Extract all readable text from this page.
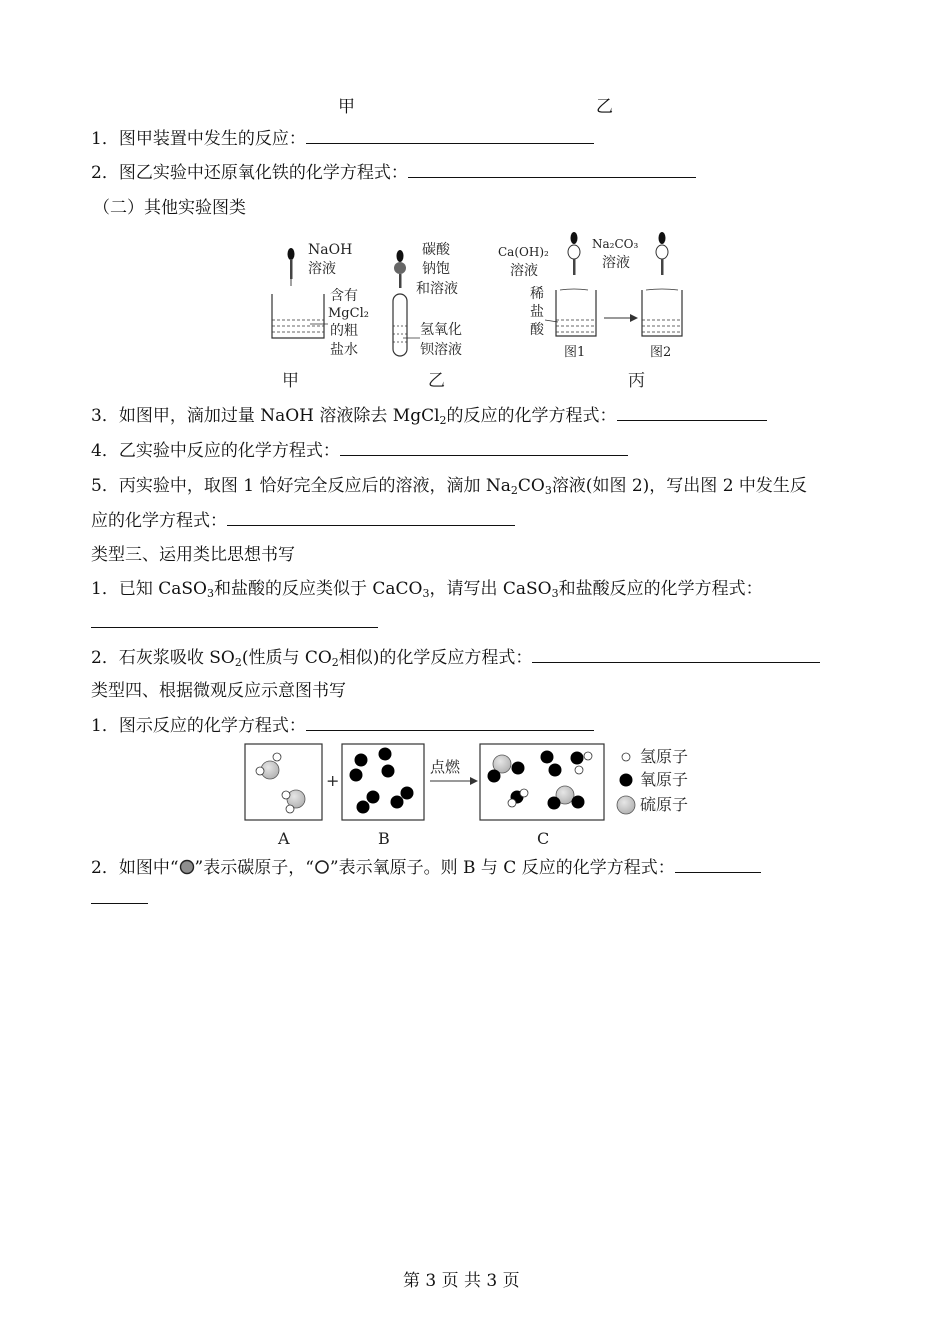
甲	乙
1．图甲装置中发生的反应：
2．图乙实验中还原氧化铁的化学方程式：
（二）其他实验图类
NaOH
溶液
含有
MgCl₂
的粗
盐水
甲
碳酸
钠饱
和溶液
氢氧化
钡溶液
乙
Ca(OH)₂
溶液
稀
盐
酸
图1
Na₂CO₃
溶液
图2
丙
3．如图甲，滴加过量 NaOH 溶液除去 MgCl$_2$的反应的化学方程式：
4．乙实验中反应的化学方程式：
5．丙实验中，取图 1 恰好完全反应后的溶液，滴加 $Na_2CO_3$溶液(如图 2)，写出图 2 中发生反
应的化学方程式：
类型三、运用类比思想书写
1．已知 CaSO$_3$和盐酸的反应类似于 CaCO$_3$，请写出 CaSO$_3$和盐酸反应的化学方程式：
2．石灰浆吸收 $SO_2$(性质与 $CO_2$相似)的化学反应方程式：
类型四、根据微观反应示意图书写
1．图示反应的化学方程式：
A
+
B
点燃
C
氢原子
氧原子
硫原子
2．如图中“ ”表示碳原子，“ ”表示氧原子。则 B 与 C 反应的化学方程式：
第 3 页 共 3 页
